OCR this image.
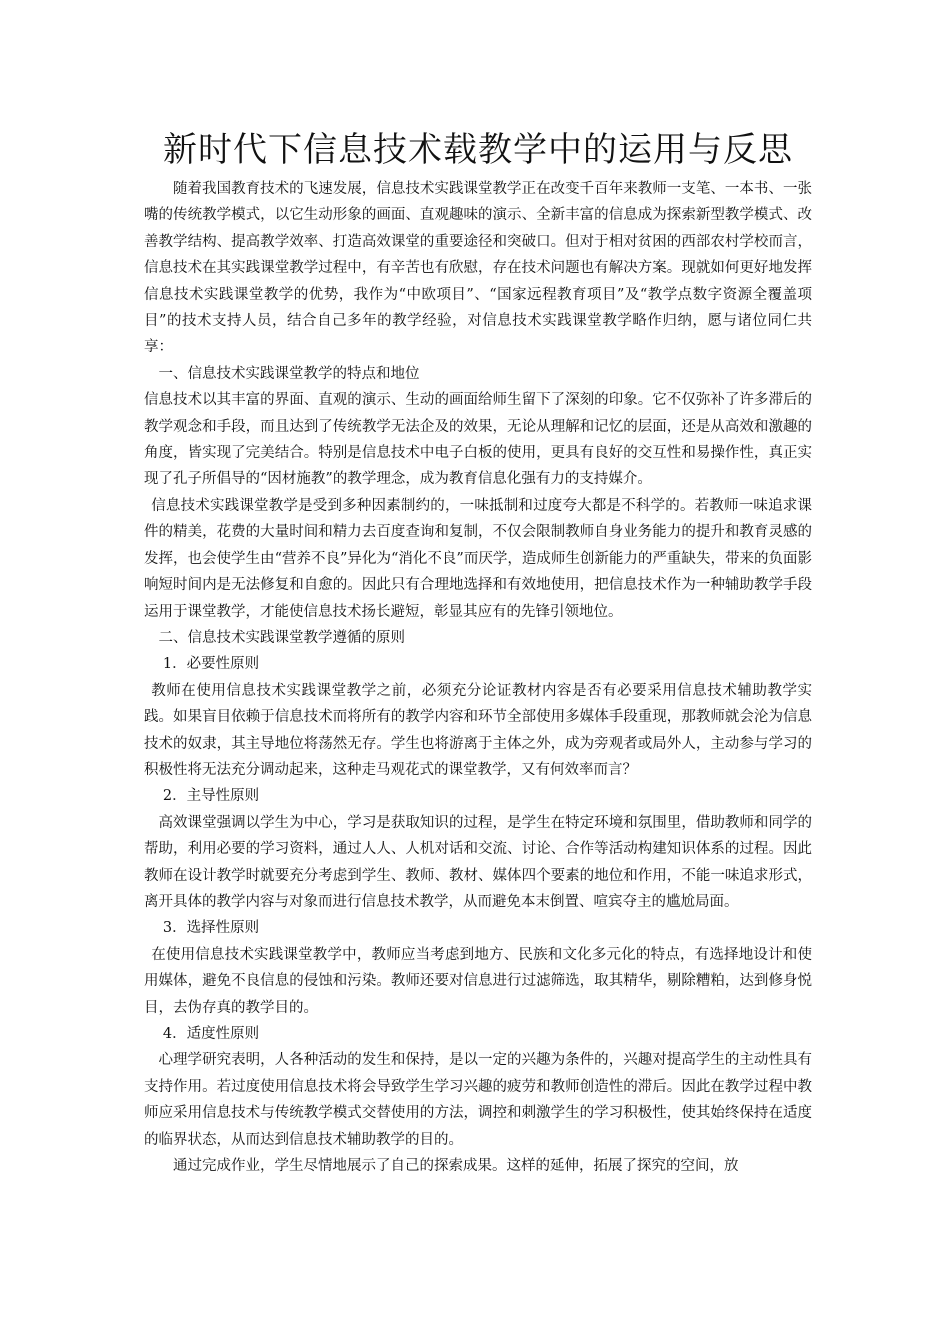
新时代下信息技术载教学中的运用与反思

随着我国教育技术的飞速发展，信息技术实践课堂教学正在改变千百年来教师一支笔、一本书、一张嘴的传统教学模式，以它生动形象的画面、直观趣味的演示、全新丰富的信息成为探索新型教学模式、改善教学结构、提高教学效率、打造高效课堂的重要途径和突破口。但对于相对贫困的西部农村学校而言，信息技术在其实践课堂教学过程中，有辛苦也有欣慰，存在技术问题也有解决方案。现就如何更好地发挥信息技术实践课堂教学的优势，我作为“中欧项目”、“国家远程教育项目”及“教学点数字资源全覆盖项目”的技术支持人员，结合自己多年的教学经验，对信息技术实践课堂教学略作归纳，愿与诸位同仁共享：

一、信息技术实践课堂教学的特点和地位

信息技术以其丰富的界面、直观的演示、生动的画面给师生留下了深刻的印象。它不仅弥补了许多滞后的教学观念和手段，而且达到了传统教学无法企及的效果，无论从理解和记忆的层面，还是从高效和激趣的角度，皆实现了完美结合。特别是信息技术中电子白板的使用，更具有良好的交互性和易操作性，真正实现了孔子所倡导的“因材施教”的教学理念，成为教育信息化强有力的支持媒介。

信息技术实践课堂教学是受到多种因素制约的，一味抵制和过度夸大都是不科学的。若教师一味追求课件的精美，花费的大量时间和精力去百度查询和复制，不仅会限制教师自身业务能力的提升和教育灵感的发挥，也会使学生由“营养不良”异化为“消化不良”而厌学，造成师生创新能力的严重缺失，带来的负面影响短时间内是无法修复和自愈的。因此只有合理地选择和有效地使用，把信息技术作为一种辅助教学手段运用于课堂教学，才能使信息技术扬长避短，彰显其应有的先锋引领地位。

二、信息技术实践课堂教学遵循的原则

1．必要性原则

教师在使用信息技术实践课堂教学之前，必须充分论证教材内容是否有必要采用信息技术辅助教学实践。如果盲目依赖于信息技术而将所有的教学内容和环节全部使用多媒体手段重现，那教师就会沦为信息技术的奴隶，其主导地位将荡然无存。学生也将游离于主体之外，成为旁观者或局外人，主动参与学习的积极性将无法充分调动起来，这种走马观花式的课堂教学，又有何效率而言？

2．主导性原则

高效课堂强调以学生为中心，学习是获取知识的过程，是学生在特定环境和氛围里，借助教师和同学的帮助，利用必要的学习资料，通过人人、人机对话和交流、讨论、合作等活动构建知识体系的过程。因此教师在设计教学时就要充分考虑到学生、教师、教材、媒体四个要素的地位和作用，不能一味追求形式，离开具体的教学内容与对象而进行信息技术教学，从而避免本末倒置、喧宾夺主的尴尬局面。

3．选择性原则

在使用信息技术实践课堂教学中，教师应当考虑到地方、民族和文化多元化的特点，有选择地设计和使用媒体，避免不良信息的侵蚀和污染。教师还要对信息进行过滤筛选，取其精华，剔除糟粕，达到修身悦目，去伪存真的教学目的。

4．适度性原则

心理学研究表明，人各种活动的发生和保持，是以一定的兴趣为条件的，兴趣对提高学生的主动性具有支持作用。若过度使用信息技术将会导致学生学习兴趣的疲劳和教师创造性的滞后。因此在教学过程中教师应采用信息技术与传统教学模式交替使用的方法，调控和刺激学生的学习积极性，使其始终保持在适度的临界状态，从而达到信息技术辅助教学的目的。

通过完成作业，学生尽情地展示了自己的探索成果。这样的延伸，拓展了探究的空间，放
